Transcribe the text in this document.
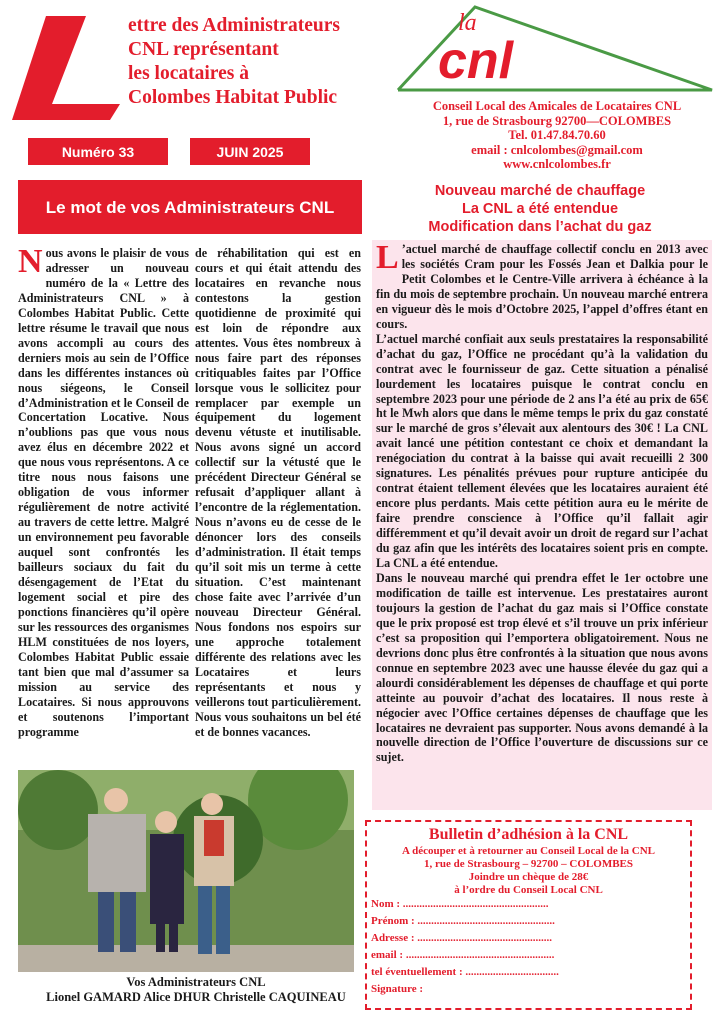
ettre des Administrateurs
CNL représentant
les locataires à
Colombes Habitat Public
la
cnl
Conseil Local des Amicales de Locataires CNL
1, rue de Strasbourg 92700—COLOMBES
Tel. 01.47.84.70.60
email : cnlcolombes@gmail.com
www.cnlcolombes.fr
Numéro 33	JUIN 2025
Le mot de vos Administrateurs CNL
Nous avons le plaisir de vous adresser un nouveau numéro de la « Lettre des Administrateurs CNL » à Colombes Habitat Public. Cette lettre résume le travail que nous avons accompli au cours des derniers mois au sein de l’Office dans les différentes instances où nous siégeons, le Conseil d’Administration et le Conseil de Concertation Locative. Nous n’oublions pas que vous nous avez élus en décembre 2022 et que nous vous représentons. A ce titre nous nous faisons une obligation de vous informer régulièrement de notre activité au travers de cette lettre. Malgré un environnement peu favorable auquel sont confrontés les bailleurs sociaux du fait du désengagement de l’Etat du logement social et pire des ponctions financières qu’il opère sur les ressources des organismes HLM constituées de nos loyers, Colombes Habitat Public essaie tant bien que mal d’assumer sa mission au service des Locataires. Si nous approuvons et soutenons l’important programme
de réhabilitation qui est en cours et qui était attendu des locataires en revanche nous contestons la gestion quotidienne de proximité qui est loin de répondre aux attentes. Vous êtes nombreux à nous faire part des réponses critiquables faites par l’Office lorsque vous le sollicitez pour remplacer par exemple un équipement du logement devenu vétuste et inutilisable. Nous avons signé un accord collectif sur la vétusté que le précédent Directeur Général se refusait d’appliquer allant à l’encontre de la réglementation. Nous n’avons eu de cesse de le dénoncer lors des conseils d’administration. Il était temps qu’il soit mis un terme à cette situation. C’est maintenant chose faite avec l’arrivée d’un nouveau Directeur Général. Nous fondons nos espoirs sur une approche totalement différente des relations avec les Locataires et leurs représentants et nous y veillerons tout particulièrement. Nous vous souhaitons un bel été et de bonnes vacances.
Vos Administrateurs CNL
Lionel GAMARD Alice DHUR Christelle CAQUINEAU
Nouveau marché de chauffage
La CNL a été entendue
Modification dans l’achat du gaz

L ’actuel marché de chauffage collectif conclu en 2013 avec les sociétés Cram pour les Fossés Jean et Dalkia pour le Petit Colombes et le Centre-Ville arrivera à échéance à la fin du mois de septembre prochain. Un nouveau marché entrera en vigueur dès le mois d’Octobre 2025, l’appel d’offres étant en cours.

L’actuel marché confiait aux seuls prestataires la responsabilité d’achat du gaz, l’Office ne procédant qu’à la validation du contrat avec le fournisseur de gaz. Cette situation a pénalisé lourdement les locataires puisque le contrat conclu en septembre 2023 pour une période de 2 ans l’a été au prix de 65€ ht le Mwh alors que dans le même temps le prix du gaz constaté sur le marché de gros s’élevait aux alentours des 30€ ! La CNL avait lancé une pétition contestant ce choix et demandant la renégociation du contrat à la baisse qui avait recueilli 2 300 signatures. Les pénalités prévues pour rupture anticipée du contrat étaient tellement élevées que les locataires auraient été encore plus perdants. Mais cette pétition aura eu le mérite de faire prendre conscience à l’Office qu’il fallait agir différemment et qu’il devait avoir un droit de regard sur l’achat du gaz afin que les intérêts des locataires soient pris en compte. La CNL a été entendue.

Dans le nouveau marché qui prendra effet le 1er octobre une modification de taille est intervenue. Les prestataires auront toujours la gestion de l’achat du gaz mais si l’Office constate que le prix proposé est trop élevé et s’il trouve un prix inférieur c’est sa proposition qui l’emportera obligatoirement. Nous ne devrions donc plus être confrontés à la situation que nous avons connue en septembre 2023 avec une hausse élevée du gaz qui a alourdi considérablement les dépenses de chauffage et qui porte atteinte au pouvoir d’achat des locataires. Il nous reste à négocier avec l’Office certaines dépenses de chauffage que les locataires ne devraient pas supporter. Nous avons demandé à la nouvelle direction de l’Office l’ouverture de discussions sur ce sujet.

Bulletin d’adhésion à la CNL
A découper et à retourner au Conseil Local de la CNL
1, rue de Strasbourg – 92700 – COLOMBES
Joindre un chèque de 28€
à l’ordre du Conseil Local CNL
Nom : .....................................................
Prénom : ..................................................
Adresse : .................................................
email : ......................................................
tel éventuellement : ..................................
Signature :
